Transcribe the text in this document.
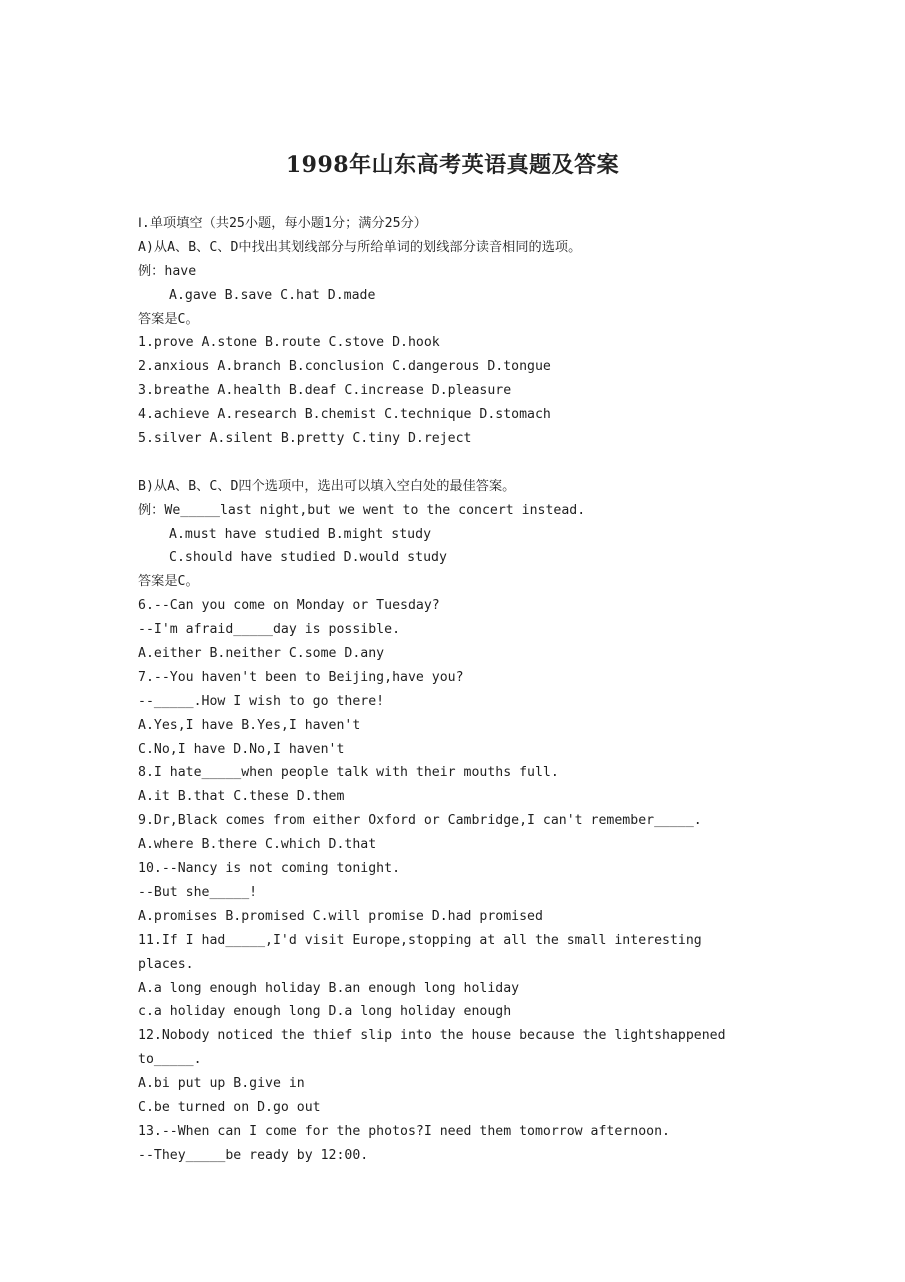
1998年山东高考英语真题及答案
Ⅰ.单项填空（共25小题，每小题1分；满分25分）
A)从A、B、C、D中找出其划线部分与所给单词的划线部分读音相同的选项。
例：have
A.gave B.save C.hat D.made
答案是C。
1.prove A.stone B.route C.stove D.hook
2.anxious A.branch B.conclusion C.dangerous D.tongue
3.breathe A.health B.deaf C.increase D.pleasure
4.achieve A.research B.chemist C.technique D.stomach
5.silver A.silent B.pretty C.tiny D.reject
B)从A、B、C、D四个选项中，选出可以填入空白处的最佳答案。
例：We_____last night,but we went to the concert instead.
A.must have studied B.might study
C.should have studied D.would study
答案是C。
6.--Can you come on Monday or Tuesday?
--I'm afraid_____day is possible.
A.either B.neither C.some D.any
7.--You haven't been to Beijing,have you?
--_____.How I wish to go there!
A.Yes,I have B.Yes,I haven't
C.No,I have D.No,I haven't
8.I hate_____when people talk with their mouths full.
A.it B.that C.these D.them
9.Dr,Black comes from either Oxford or Cambridge,I can't remember_____.
A.where B.there C.which D.that
10.--Nancy is not coming tonight.
--But she_____!
A.promises B.promised C.will promise D.had promised
11.If I had_____,I'd visit Europe,stopping at all the small interesting
places.
A.a long enough holiday B.an enough long holiday
c.a holiday enough long D.a long holiday enough
12.Nobody noticed the thief slip into the house because the lightshappened
to_____.
A.bi put up B.give in
C.be turned on D.go out
13.--When can I come for the photos?I need them tomorrow afternoon.
--They_____be ready by 12:00.
